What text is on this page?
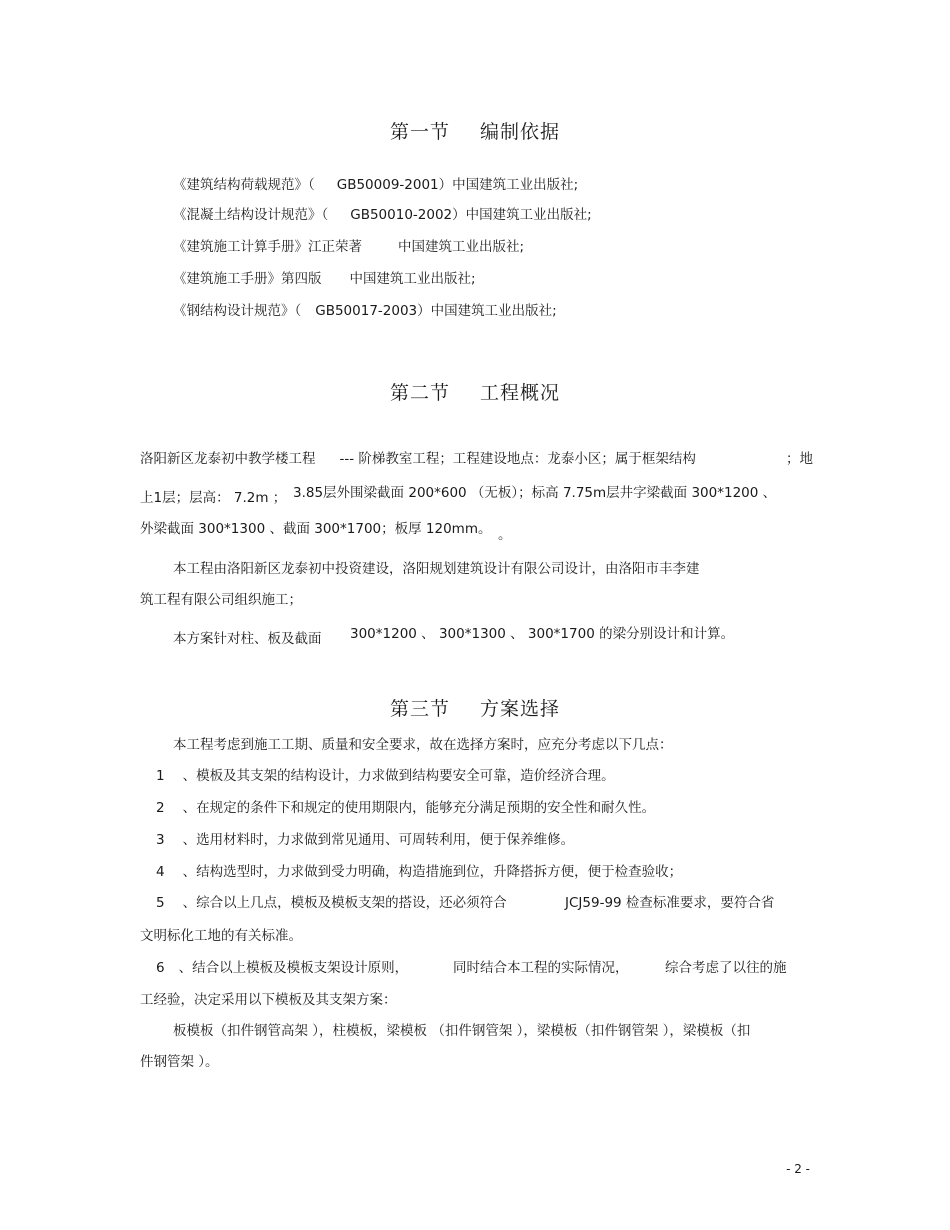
第一节 编制依据
《建筑结构荷载规范》（ GB50009-2001）中国建筑工业出版社;
《混凝土结构设计规范》（ GB50010-2002）中国建筑工业出版社;
《建筑施工计算手册》江正荣著	中国建筑工业出版社;
《建筑施工手册》第四版 中国建筑工业出版社;
《钢结构设计规范》（ GB50017-2003）中国建筑工业出版社;
第二节 工程概况
洛阳新区龙泰初中教学楼工程 --- 阶梯教室工程；工程建设地点：龙泰小区；属于框架结构	；地
上1层；层高： 7.2m ； 3.85层外围梁截面 200*600 （无板）；标高 7.75m层井字梁截面 300*1200 、
外梁截面 300*1300 、截面 300*1700；板厚 120mm。 。
本工程由洛阳新区龙泰初中投资建设，洛阳规划建筑设计有限公司设计，由洛阳市丰李建
筑工程有限公司组织施工；
本方案针对柱、板及截面 300*1200 、 300*1300 、 300*1700 的梁分别设计和计算。
第三节 方案选择
本工程考虑到施工工期、质量和安全要求，故在选择方案时，应充分考虑以下几点：
1 、模板及其支架的结构设计，力求做到结构要安全可靠，造价经济合理。
2 、在规定的条件下和规定的使用期限内，能够充分满足预期的安全性和耐久性。
3 、选用材料时，力求做到常见通用、可周转利用，便于保养维修。
4 、结构选型时，力求做到受力明确，构造措施到位，升降搭拆方便，便于检查验收；
5 、综合以上几点，模板及模板支架的搭设，还必须符合	JCJ59-99 检查标准要求，要符合省
文明标化工地的有关标准。
6 、结合以上模板及模板支架设计原则，	同时结合本工程的实际情况，	综合考虑了以往的施
工经验，决定采用以下模板及其支架方案：
板模板（扣件钢管高架 ），柱模板，梁模板 （扣件钢管架 ），梁模板（扣件钢管架 ），梁模板（扣
件钢管架 ）。
- 2 -
